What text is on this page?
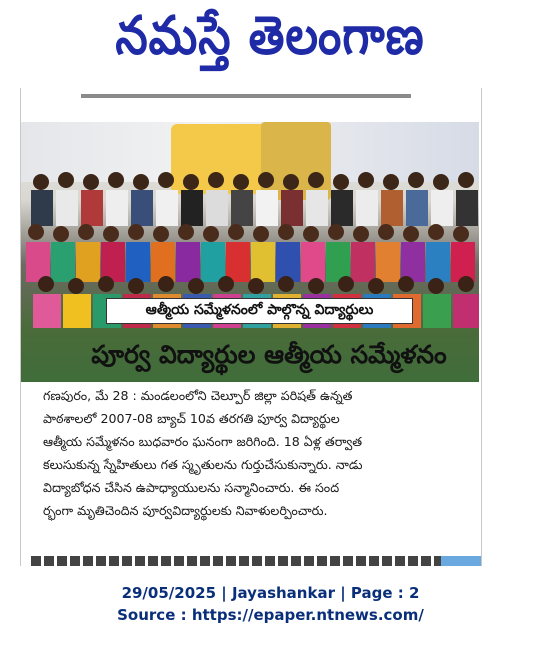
నమస్తే తెలంగాణ
ఆత్మీయ సమ్మేళనంలో పాల్గొన్న విద్యార్థులు
పూర్వ విద్యార్థుల ఆత్మీయ సమ్మేళనం

గణపురం, మే 28 : మండలంలోని చెల్పూర్ జిల్లా పరిషత్ ఉన్నత

పాఠశాలలో 2007-08 బ్యాచ్ 10వ తరగతి పూర్వ విద్యార్థుల

ఆత్మీయ సమ్మేళనం బుధవారం ఘనంగా జరిగింది. 18 ఏళ్ల తర్వాత

కలుసుకున్న స్నేహితులు గత స్మృతులను గుర్తుచేసుకున్నారు. నాడు

విద్యాబోధన చేసిన ఉపాధ్యాయులను సన్మానించారు. ఈ సంద

ర్భంగా మృతిచెందిన పూర్వవిద్యార్థులకు నివాళులర్పించారు.

29/05/2025 | Jayashankar | Page : 2
Source : https://epaper.ntnews.com/
